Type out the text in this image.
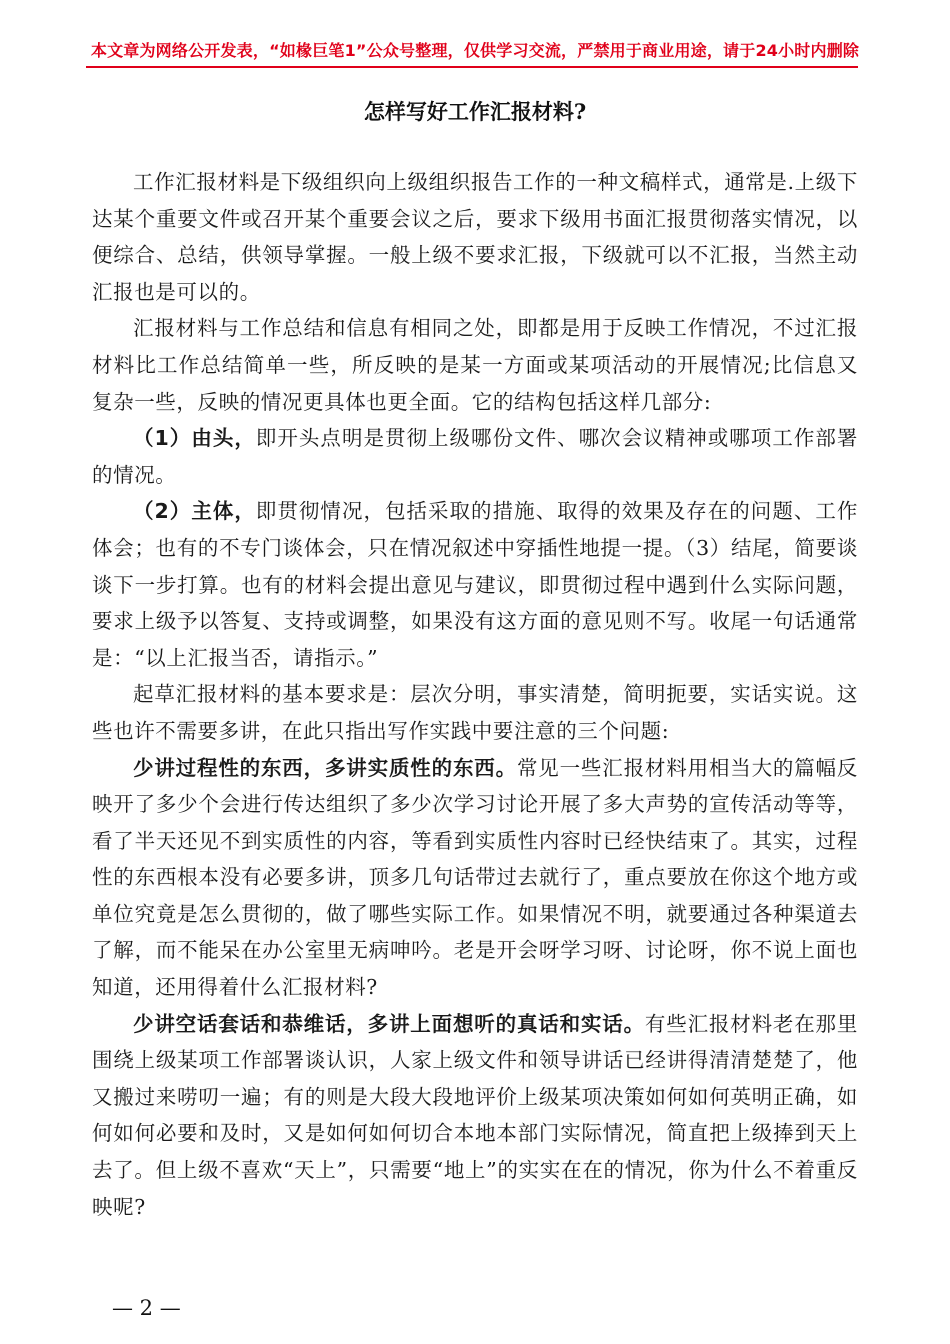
本文章为网络公开发表，“如椽巨笔1”公众号整理，仅供学习交流，严禁用于商业用途，请于24小时内删除
怎样写好工作汇报材料?

工作汇报材料是下级组织向上级组织报告工作的一种文稿样式，通常是.上级下达某个重要文件或召开某个重要会议之后，要求下级用书面汇报贯彻落实情况，以便综合、总结，供领导掌握。一般上级不要求汇报，下级就可以不汇报，当然主动汇报也是可以的。

汇报材料与工作总结和信息有相同之处，即都是用于反映工作情况，不过汇报材料比工作总结简单一些，所反映的是某一方面或某项活动的开展情况;比信息又复杂一些，反映的情况更具体也更全面。它的结构包括这样几部分:

（1）由头，即开头点明是贯彻上级哪份文件、哪次会议精神或哪项工作部署的情况。

（2）主体，即贯彻情况，包括采取的措施、取得的效果及存在的问题、工作体会；也有的不专门谈体会，只在情况叙述中穿插性地提一提。（3）结尾，简要谈谈下一步打算。也有的材料会提出意见与建议，即贯彻过程中遇到什么实际问题，要求上级予以答复、支持或调整，如果没有这方面的意见则不写。收尾一句话通常是：“以上汇报当否，请指示。”

起草汇报材料的基本要求是：层次分明，事实清楚，简明扼要，实话实说。这些也许不需要多讲，在此只指出写作实践中要注意的三个问题:

少讲过程性的东西，多讲实质性的东西。常见一些汇报材料用相当大的篇幅反映开了多少个会进行传达组织了多少次学习讨论开展了多大声势的宣传活动等等，看了半天还见不到实质性的内容，等看到实质性内容时已经快结束了。其实，过程性的东西根本没有必要多讲，顶多几句话带过去就行了，重点要放在你这个地方或单位究竟是怎么贯彻的，做了哪些实际工作。如果情况不明，就要通过各种渠道去了解，而不能呆在办公室里无病呻吟。老是开会呀学习呀、讨论呀，你不说上面也知道，还用得着什么汇报材料?

少讲空话套话和恭维话，多讲上面想听的真话和实话。有些汇报材料老在那里围绕上级某项工作部署谈认识，人家上级文件和领导讲话已经讲得清清楚楚了，他又搬过来唠叨一遍；有的则是大段大段地评价上级某项决策如何如何英明正确，如何如何必要和及时，又是如何如何切合本地本部门实际情况，简直把上级捧到天上去了。但上级不喜欢“天上”，只需要“地上”的实实在在的情况，你为什么不着重反映呢?

— 2 —
